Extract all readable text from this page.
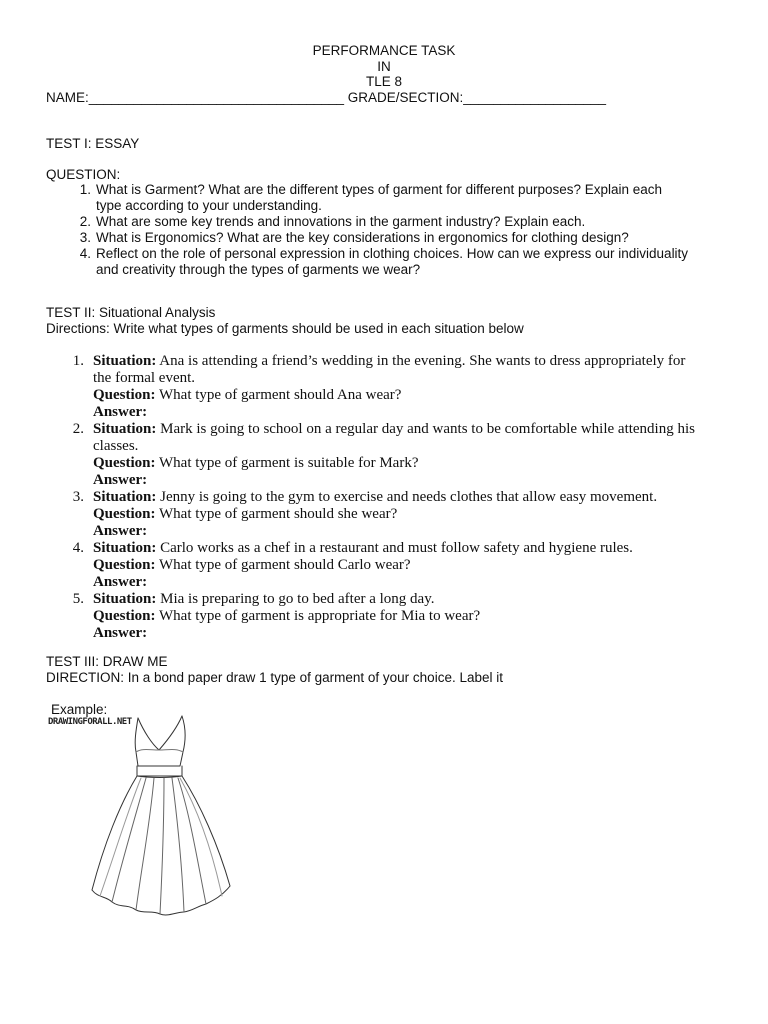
PERFORMANCE TASK
IN
TLE 8
NAME:__________________________________ GRADE/SECTION:___________________
TEST I: ESSAY
QUESTION:
1. What is Garment? What are the different types of garment for different purposes? Explain each
type according to your understanding.
2. What are some key trends and innovations in the garment industry? Explain each.
3. What is Ergonomics? What are the key considerations in ergonomics for clothing design?
4. Reflect on the role of personal expression in clothing choices. How can we express our individuality
and creativity through the types of garments we wear?
TEST II: Situational Analysis
Directions: Write what types of garments should be used in each situation below
1. Situation: Ana is attending a friend’s wedding in the evening. She wants to dress appropriately for
the formal event.
Question: What type of garment should Ana wear?
Answer:
2. Situation: Mark is going to school on a regular day and wants to be comfortable while attending his
classes.
Question: What type of garment is suitable for Mark?
Answer:
3. Situation: Jenny is going to the gym to exercise and needs clothes that allow easy movement.
Question: What type of garment should she wear?
Answer:
4. Situation: Carlo works as a chef in a restaurant and must follow safety and hygiene rules.
Question: What type of garment should Carlo wear?
Answer:
5. Situation: Mia is preparing to go to bed after a long day.
Question: What type of garment is appropriate for Mia to wear?
Answer:
TEST III: DRAW ME
DIRECTION: In a bond paper draw 1 type of garment of your choice. Label it
Example:
DRAWINGFORALL.NET
